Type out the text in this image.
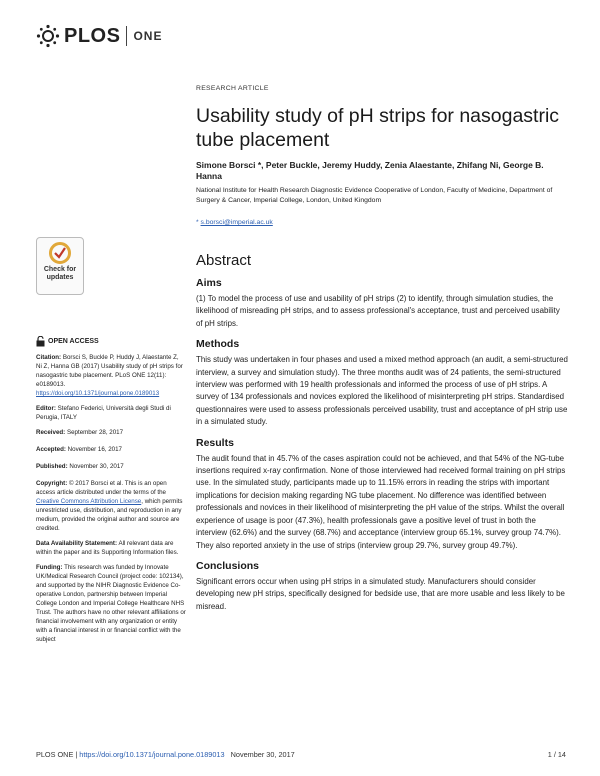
PLOS ONE
Check for
updates
OPEN ACCESS

Citation: Borsci S, Buckle P, Huddy J, Alaestante Z, Ni Z, Hanna GB (2017) Usability study of pH strips for nasogastric tube placement. PLoS ONE 12(11): e0189013. https://doi.org/10.1371/journal.pone.0189013

Editor: Stefano Federici, Università degli Studi di Perugia, ITALY

Received: September 28, 2017

Accepted: November 16, 2017

Published: November 30, 2017

Copyright: © 2017 Borsci et al. This is an open access article distributed under the terms of the Creative Commons Attribution License, which permits unrestricted use, distribution, and reproduction in any medium, provided the original author and source are credited.

Data Availability Statement: All relevant data are within the paper and its Supporting Information files.

Funding: This research was funded by Innovate UK/Medical Research Council (project code: 102134), and supported by the NIHR Diagnostic Evidence Co-operative London, partnership between Imperial College London and Imperial College Healthcare NHS Trust. The authors have no other relevant affiliations or financial involvement with any organization or entity with a financial interest in or financial conflict with the subject

RESEARCH ARTICLE
Usability study of pH strips for nasogastric tube placement
Simone Borsci *, Peter Buckle, Jeremy Huddy, Zenia Alaestante, Zhifang Ni, George B. Hanna
National Institute for Health Research Diagnostic Evidence Cooperative of London, Faculty of Medicine, Department of Surgery & Cancer, Imperial College, London, United Kingdom
* s.borsci@imperial.ac.uk
Abstract
Aims
(1) To model the process of use and usability of pH strips (2) to identify, through simulation studies, the likelihood of misreading pH strips, and to assess professional's acceptance, trust and perceived usability of pH strips.
Methods
This study was undertaken in four phases and used a mixed method approach (an audit, a semi-structured interview, a survey and simulation study). The three months audit was of 24 patients, the semi-structured interview was performed with 19 health professionals and informed the process of use of pH strips. A survey of 134 professionals and novices explored the likelihood of misinterpreting pH strips. Standardised questionnaires were used to assess professionals perceived usability, trust and acceptance of pH strip use in a simulated study.
Results
The audit found that in 45.7% of the cases aspiration could not be achieved, and that 54% of the NG-tube insertions required x-ray confirmation. None of those interviewed had received formal training on pH strips use. In the simulated study, participants made up to 11.15% errors in reading the strips with important implications for decision making regarding NG tube placement. No difference was identified between professionals and novices in their likelihood of misinterpreting the pH value of the strips. Whilst the overall experience of usage is poor (47.3%), health professionals gave a positive level of trust in both the interview (62.6%) and the survey (68.7%) and acceptance (interview group 65.1%, survey group 74.7%). They also reported anxiety in the use of strips (interview group 29.7%, survey group 49.7%).
Conclusions
Significant errors occur when using pH strips in a simulated study. Manufacturers should consider developing new pH strips, specifically designed for bedside use, that are more usable and less likely to be misread.
PLOS ONE | https://doi.org/10.1371/journal.pone.0189013 November 30, 2017	1 / 14
